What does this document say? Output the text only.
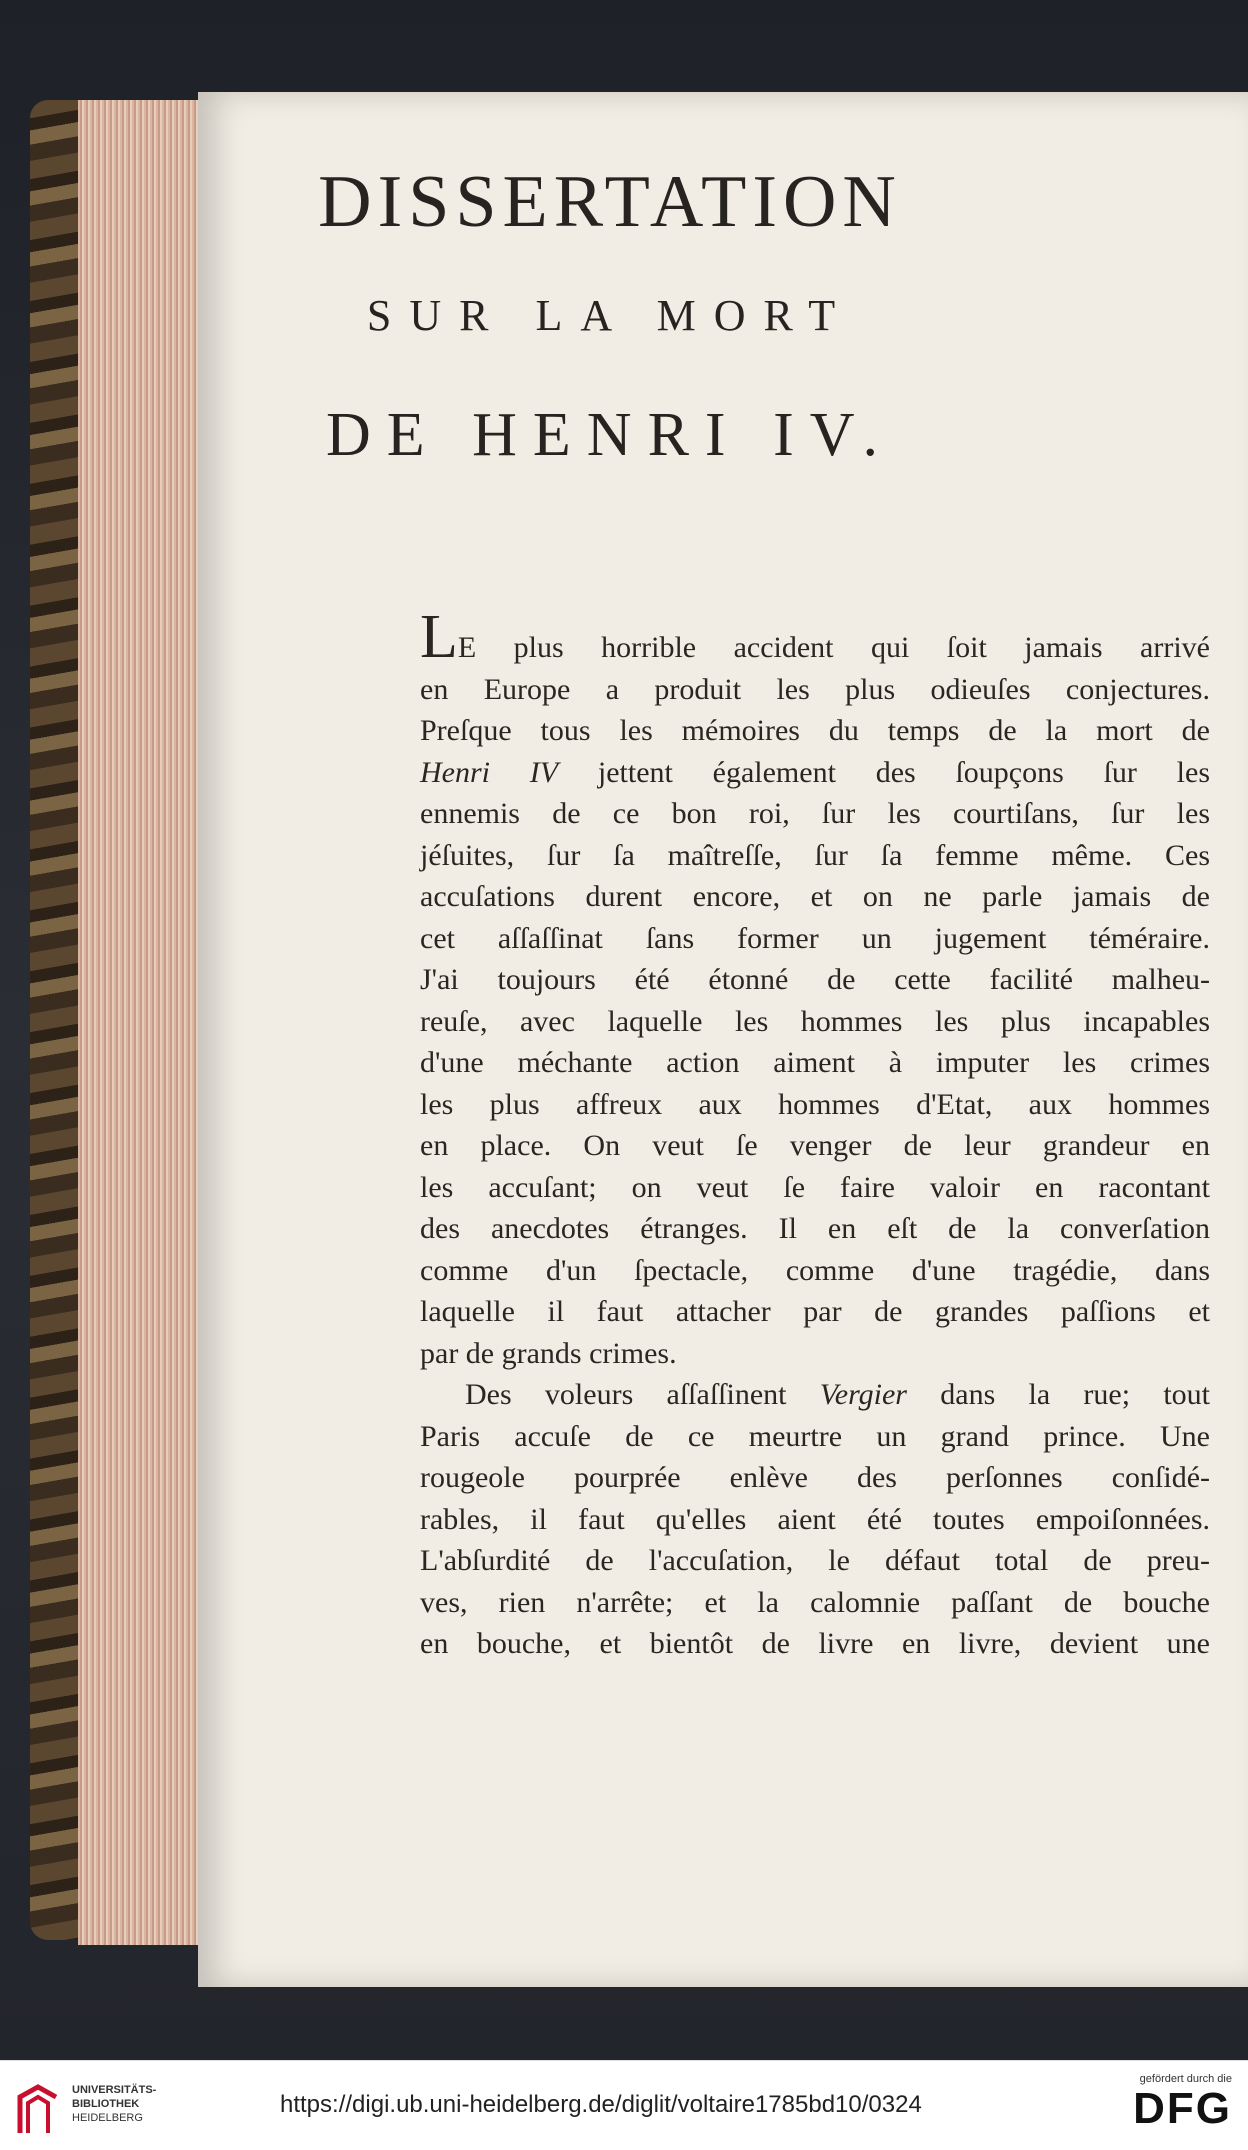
DISSERTATION
SUR LA MORT
DE HENRI IV.
LE plus horrible accident qui ſoit jamais arrivé
en Europe a produit les plus odieuſes conjectures.
Preſque tous les mémoires du temps de la mort de
Henri IV jettent également des ſoupçons ſur les
ennemis de ce bon roi, ſur les courtiſans, ſur les
jéſuites, ſur ſa maîtreſſe, ſur ſa femme même. Ces
accuſations durent encore, et on ne parle jamais de
cet aſſaſſinat ſans former un jugement téméraire.
J'ai toujours été étonné de cette facilité malheu-
reuſe, avec laquelle les hommes les plus incapables
d'une méchante action aiment à imputer les crimes
les plus affreux aux hommes d'Etat, aux hommes
en place. On veut ſe venger de leur grandeur en
les accuſant; on veut ſe faire valoir en racontant
des anecdotes étranges. Il en eſt de la converſation
comme d'un ſpectacle, comme d'une tragédie, dans
laquelle il faut attacher par de grandes paſſions et
par de grands crimes.
Des voleurs aſſaſſinent Vergier dans la rue; tout
Paris accuſe de ce meurtre un grand prince. Une
rougeole pourprée enlève des perſonnes conſidé-
rables, il faut qu'elles aient été toutes empoiſonnées.
L'abſurdité de l'accuſation, le défaut total de preu-
ves, rien n'arrête; et la calomnie paſſant de bouche
en bouche, et bientôt de livre en livre, devient une
UNIVERSITÄTS-
BIBLIOTHEK
HEIDELBERG	https://digi.ub.uni-heidelberg.de/diglit/voltaire1785bd10/0324
gefördert durch die
DFG
